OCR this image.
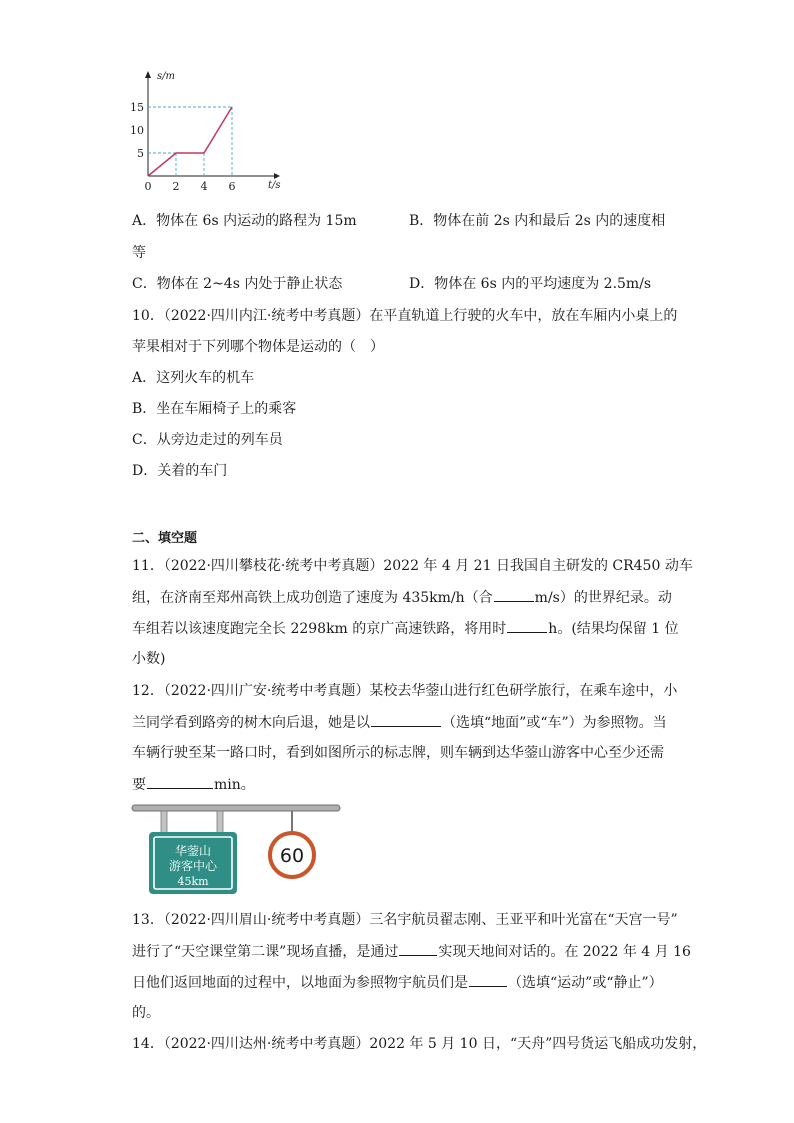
0 2 4 6
5
10
15
t/s
s/m
A．物体在 6s 内运动的路程为 15m	B．物体在前 2s 内和最后 2s 内的速度相
等
C．物体在 2~4s 内处于静止状态	D．物体在 6s 内的平均速度为 2.5m/s
10．（2022·四川内江·统考中考真题）在平直轨道上行驶的火车中，放在车厢内小桌上的
苹果相对于下列哪个物体是运动的（　）
A．这列火车的机车
B．坐在车厢椅子上的乘客
C．从旁边走过的列车员
D．关着的车门
二、填空题
11．（2022·四川攀枝花·统考中考真题）2022 年 4 月 21 日我国自主研发的 CR450 动车
组，在济南至郑州高铁上成功创造了速度为 435km/h（合	m/s）的世界纪录。动
车组若以该速度跑完全长 2298km 的京广高速铁路，将用时	h。(结果均保留 1 位
小数)
12．（2022·四川广安·统考中考真题）某校去华蓥山进行红色研学旅行，在乘车途中，小
兰同学看到路旁的树木向后退，她是以	（选填“地面”或“车”）为参照物。当
车辆行驶至某一路口时，看到如图所示的标志牌，则车辆到达华蓥山游客中心至少还需
要	min。
华蓥山
游客中心
45km
60
13．（2022·四川眉山·统考中考真题）三名宇航员翟志刚、王亚平和叶光富在“天宫一号”
进行了“天空课堂第二课”现场直播，是通过	实现天地间对话的。在 2022 年 4 月 16
日他们返回地面的过程中，以地面为参照物宇航员们是	（选填“运动”或“静止”）
的。
14．（2022·四川达州·统考中考真题）2022 年 5 月 10 日，“天舟”四号货运飞船成功发射，
